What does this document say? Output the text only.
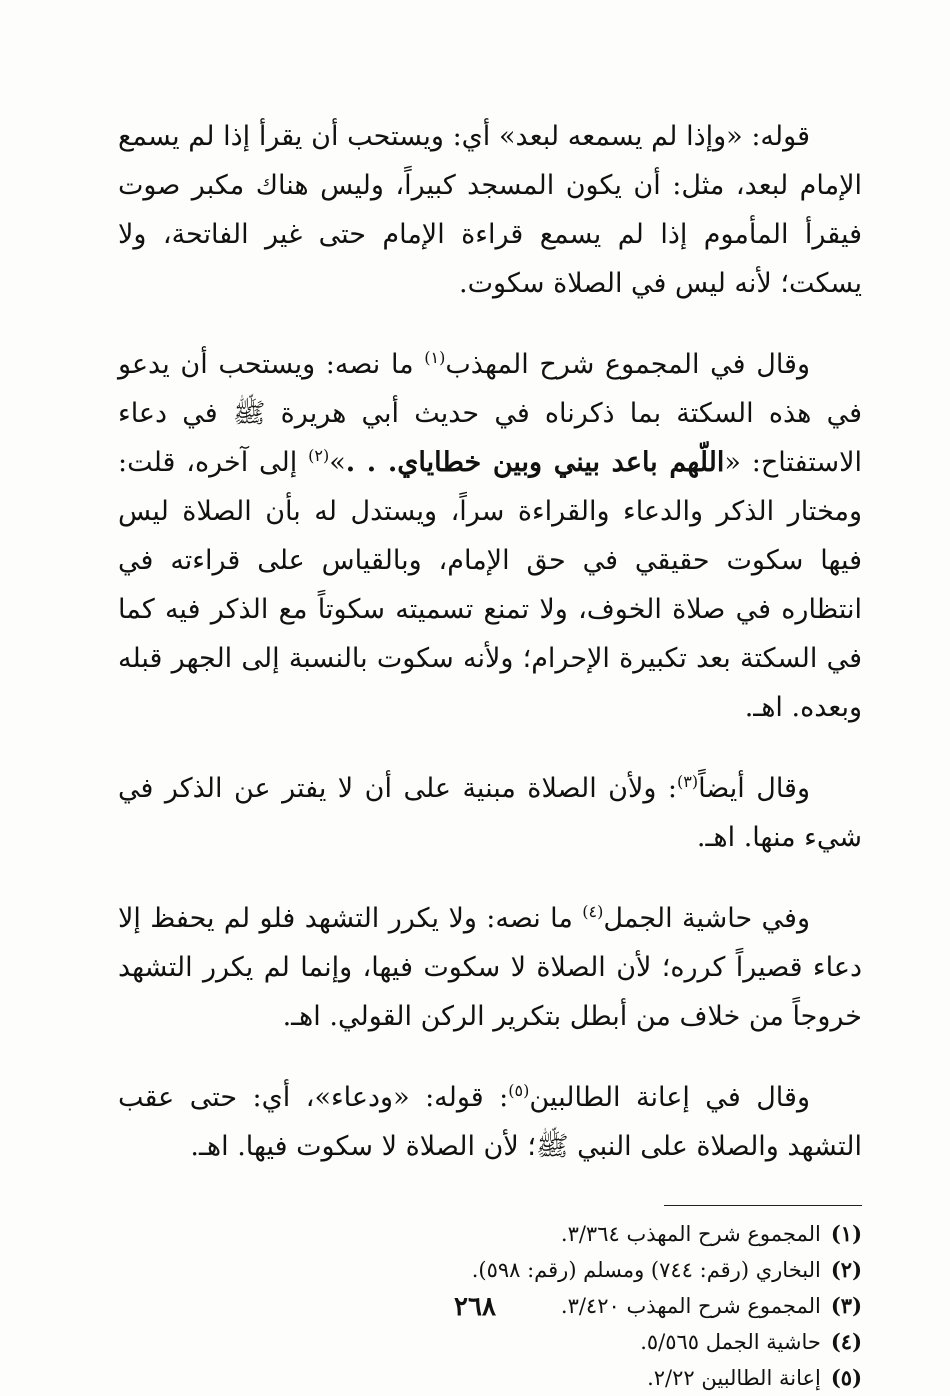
قوله: «وإذا لم يسمعه لبعد» أي: ويستحب أن يقرأ إذا لم يسمع الإمام لبعد، مثل: أن يكون المسجد كبيراً، وليس هناك مكبر صوت فيقرأ المأموم إذا لم يسمع قراءة الإمام حتى غير الفاتحة، ولا يسكت؛ لأنه ليس في الصلاة سكوت.

وقال في المجموع شرح المهذب$^{(١)}$ ما نصه: ويستحب أن يدعو في هذه السكتة بما ذكرناه في حديث أبي هريرة ﷺ في دعاء الاستفتاح: «اللّهم باعد بيني وبين خطاياي. . .»$^{(٢)}$ إلى آخره، قلت: ومختار الذكر والدعاء والقراءة سراً، ويستدل له بأن الصلاة ليس فيها سكوت حقيقي في حق الإمام، وبالقياس على قراءته في انتظاره في صلاة الخوف، ولا تمنع تسميته سكوتاً مع الذكر فيه كما في السكتة بعد تكبيرة الإحرام؛ ولأنه سكوت بالنسبة إلى الجهر قبله وبعده. اهـ.

وقال أيضاً$^{(٣)}$: ولأن الصلاة مبنية على أن لا يفتر عن الذكر في شيء منها. اهـ.

وفي حاشية الجمل$^{(٤)}$ ما نصه: ولا يكرر التشهد فلو لم يحفظ إلا دعاء قصيراً كرره؛ لأن الصلاة لا سكوت فيها، وإنما لم يكرر التشهد خروجاً من خلاف من أبطل بتكرير الركن القولي. اهـ.

وقال في إعانة الطالبين$^{(٥)}$: قوله: «ودعاء»، أي: حتى عقب التشهد والصلاة على النبي ﷺ؛ لأن الصلاة لا سكوت فيها. اهـ.

(١)المجموع شرح المهذب ٣/٣٦٤.
(٢)البخاري (رقم: ٧٤٤) ومسلم (رقم: ٥٩٨).
(٣)المجموع شرح المهذب ٣/٤٢٠.
(٤)حاشية الجمل ٥/٥٦٥.
(٥)إعانة الطالبين ٢/٢٢.
٢٦٨
